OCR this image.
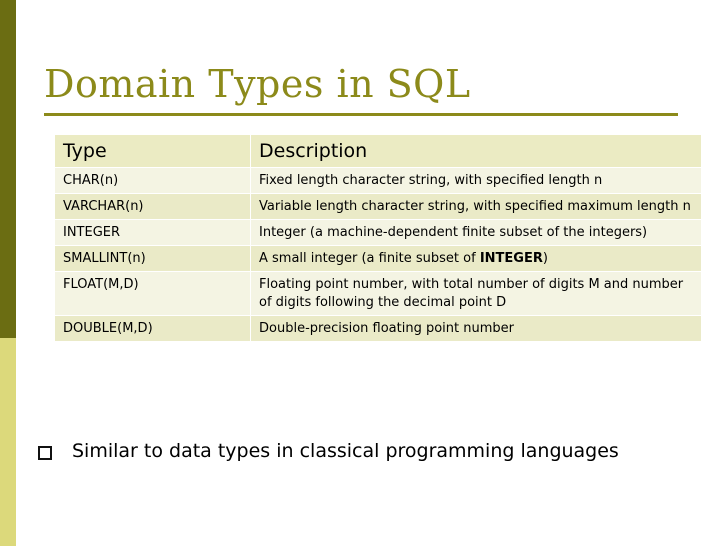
Domain Types in SQL
Type	Description
CHAR(n)	Fixed length character string, with specified length n
VARCHAR(n)	Variable length character string, with specified maximum length n
INTEGER	Integer (a machine-dependent finite subset of the integers)
SMALLINT(n)	A small integer (a finite subset of INTEGER)
FLOAT(M,D)	Floating point number, with total number of digits M and number of digits following the decimal point D
DOUBLE(M,D)	Double-precision floating point number
Similar to data types in classical programming languages
